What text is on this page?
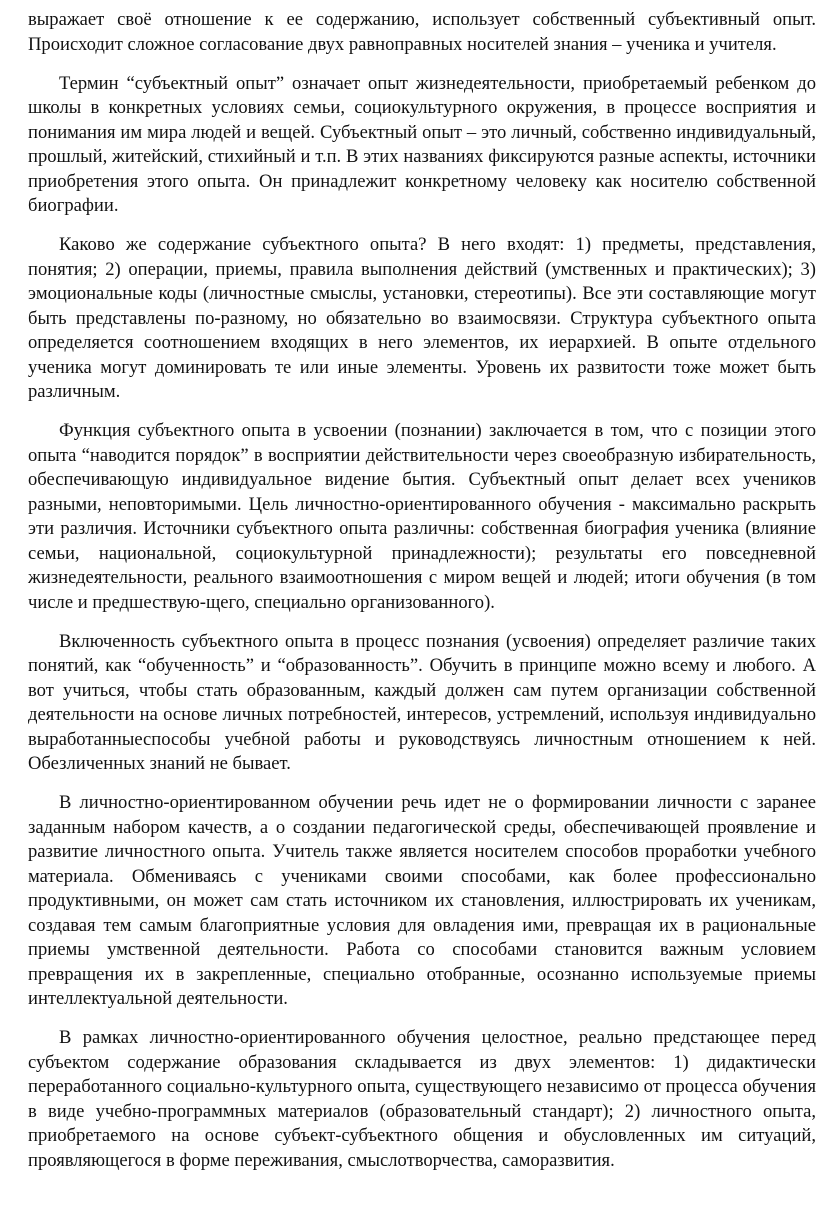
выражает своё отношение к ее содержанию, использует собственный субъективный опыт. Происходит сложное согласование двух равноправных носителей знания – ученика и учителя.

Термин “субъектный опыт” означает опыт жизнедеятельности, приобретаемый ребенком до школы в конкретных условиях семьи, социокультурного окружения, в процессе восприятия и понимания им мира людей и вещей. Субъектный опыт – это личный, собственно индивидуальный, прошлый, житейский, стихийный и т.п. В этих названиях фиксируются разные аспекты, источники приобретения этого опыта. Он принадлежит конкретному человеку как носителю собственной биографии.

Каково же содержание субъектного опыта? В него входят: 1) предметы, представления, понятия; 2) операции, приемы, правила выполнения действий (умственных и практических); 3) эмоциональные коды (личностные смыслы, установки, стереотипы). Все эти составляющие могут быть представлены по-разному, но обязательно во взаимосвязи. Структура субъектного опыта определяется соотношением входящих в него элементов, их иерархией. В опыте отдельного ученика могут доминировать те или иные элементы. Уровень их развитости тоже может быть различным.

Функция субъектного опыта в усвоении (познании) заключается в том, что с позиции этого опыта “наводится порядок” в восприятии действительности через своеобразную избирательность, обеспечивающую индивидуальное видение бытия. Субъектный опыт делает всех учеников разными, неповторимыми. Цель личностно-ориентированного обучения - максимально раскрыть эти различия. Источники субъектного опыта различны: собственная биография ученика (влияние семьи, национальной, социокультурной принадлежности); результаты его повседневной жизнедеятельности, реального взаимоотношения с миром вещей и людей; итоги обучения (в том числе и предшествую-щего, специально организованного).

Включенность субъектного опыта в процесс познания (усвоения) определяет различие таких понятий, как “обученность” и “образованность”. Обучить в принципе можно всему и любого. А вот учиться, чтобы стать образованным, каждый должен сам путем организации собственной деятельности на основе личных потребностей, интересов, устремлений, используя индивидуально выработанныеспособы учебной работы и руководствуясь личностным отношением к ней. Обезличенных знаний не бывает.

В личностно-ориентированном обучении речь идет не о формировании личности с заранее заданным набором качеств, а о создании педагогической среды, обеспечивающей проявление и развитие личностного опыта. Учитель также является носителем способов проработки учебного материала. Обмениваясь с учениками своими способами, как более профессионально продуктивными, он может сам стать источником их становления, иллюстрировать их ученикам, создавая тем самым благоприятные условия для овладения ими, превращая их в рациональные приемы умственной деятельности. Работа со способами становится важным условием превращения их в закрепленные, специально отобранные, осознанно используемые приемы интеллектуальной деятельности.

В рамках личностно-ориентированного обучения целостное, реально предстающее перед субъектом содержание образования складывается из двух элементов: 1) дидактически переработанного социально-культурного опыта, существующего независимо от процесса обучения в виде учебно-программных материалов (образовательный стандарт); 2) личностного опыта, приобретаемого на основе субъект-субъектного общения и обусловленных им ситуаций, проявляющегося в форме переживания, смыслотворчества, саморазвития.
